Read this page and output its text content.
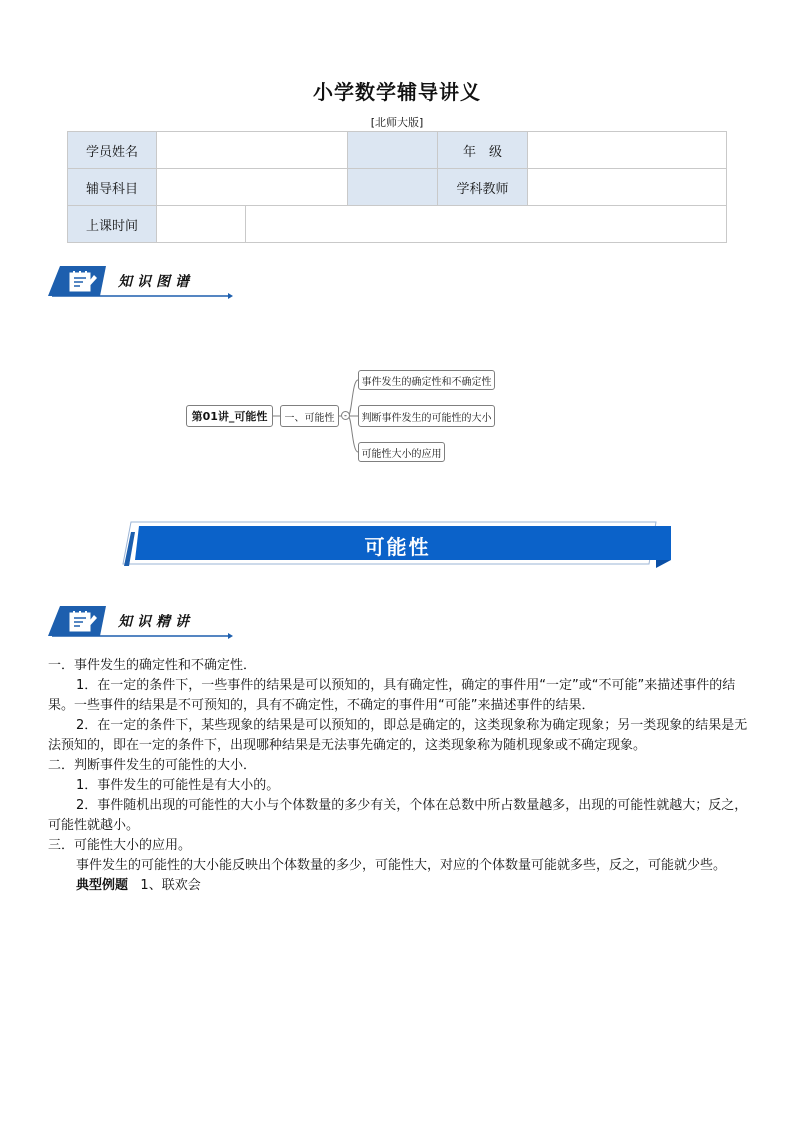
小学数学辅导讲义
[北师大版]
学员姓名				年　级	
辅导科目				学科教师	
上课时间					
知识图谱
第01讲_可能性	一、可能性	-
事件发生的确定性和不确定性
判断事件发生的可能性的大小
可能性大小的应用
可能性
知识精讲

一．事件发生的确定性和不确定性．

1．在一定的条件下，一些事件的结果是可以预知的，具有确定性，确定的事件用“一定”或“不可能”来描述事件的结果。一些事件的结果是不可预知的，具有不确定性，不确定的事件用“可能”来描述事件的结果．

2．在一定的条件下，某些现象的结果是可以预知的，即总是确定的，这类现象称为确定现象；另一类现象的结果是无法预知的，即在一定的条件下，出现哪种结果是无法事先确定的，这类现象称为随机现象或不确定现象。

二．判断事件发生的可能性的大小．

1．事件发生的可能性是有大小的。

2．事件随机出现的可能性的大小与个体数量的多少有关，个体在总数中所占数量越多，出现的可能性就越大；反之，可能性就越小。

三．可能性大小的应用。

事件发生的可能性的大小能反映出个体数量的多少，可能性大，对应的个体数量可能就多些，反之，可能就少些。

典型例题 1、联欢会
